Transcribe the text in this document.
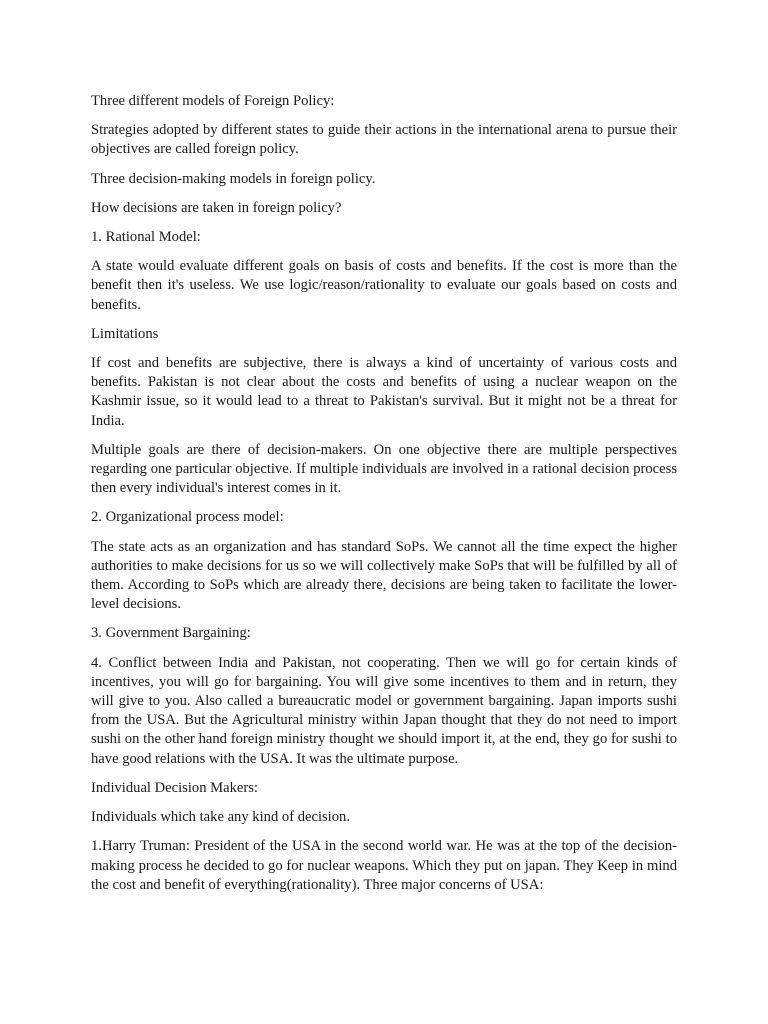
Three different models of Foreign Policy:

Strategies adopted by different states to guide their actions in the international arena to pursue their objectives are called foreign policy.

Three decision-making models in foreign policy.

How decisions are taken in foreign policy?

1. Rational Model:

A state would evaluate different goals on basis of costs and benefits. If the cost is more than the benefit then it's useless. We use logic/reason/rationality to evaluate our goals based on costs and benefits.

Limitations

If cost and benefits are subjective, there is always a kind of uncertainty of various costs and benefits. Pakistan is not clear about the costs and benefits of using a nuclear weapon on the Kashmir issue, so it would lead to a threat to Pakistan's survival. But it might not be a threat for India.

Multiple goals are there of decision-makers. On one objective there are multiple perspectives regarding one particular objective. If multiple individuals are involved in a rational decision process then every individual's interest comes in it.

2. Organizational process model:

The state acts as an organization and has standard SoPs. We cannot all the time expect the higher authorities to make decisions for us so we will collectively make SoPs that will be fulfilled by all of them. According to SoPs which are already there, decisions are being taken to facilitate the lower-level decisions.

3. Government Bargaining:

4. Conflict between India and Pakistan, not cooperating. Then we will go for certain kinds of incentives, you will go for bargaining. You will give some incentives to them and in return, they will give to you. Also called a bureaucratic model or government bargaining. Japan imports sushi from the USA. But the Agricultural ministry within Japan thought that they do not need to import sushi on the other hand foreign ministry thought we should import it, at the end, they go for sushi to have good relations with the USA. It was the ultimate purpose.

Individual Decision Makers:

Individuals which take any kind of decision.

1.Harry Truman: President of the USA in the second world war. He was at the top of the decision-making process he decided to go for nuclear weapons. Which they put on japan. They Keep in mind the cost and benefit of everything(rationality). Three major concerns of USA:
